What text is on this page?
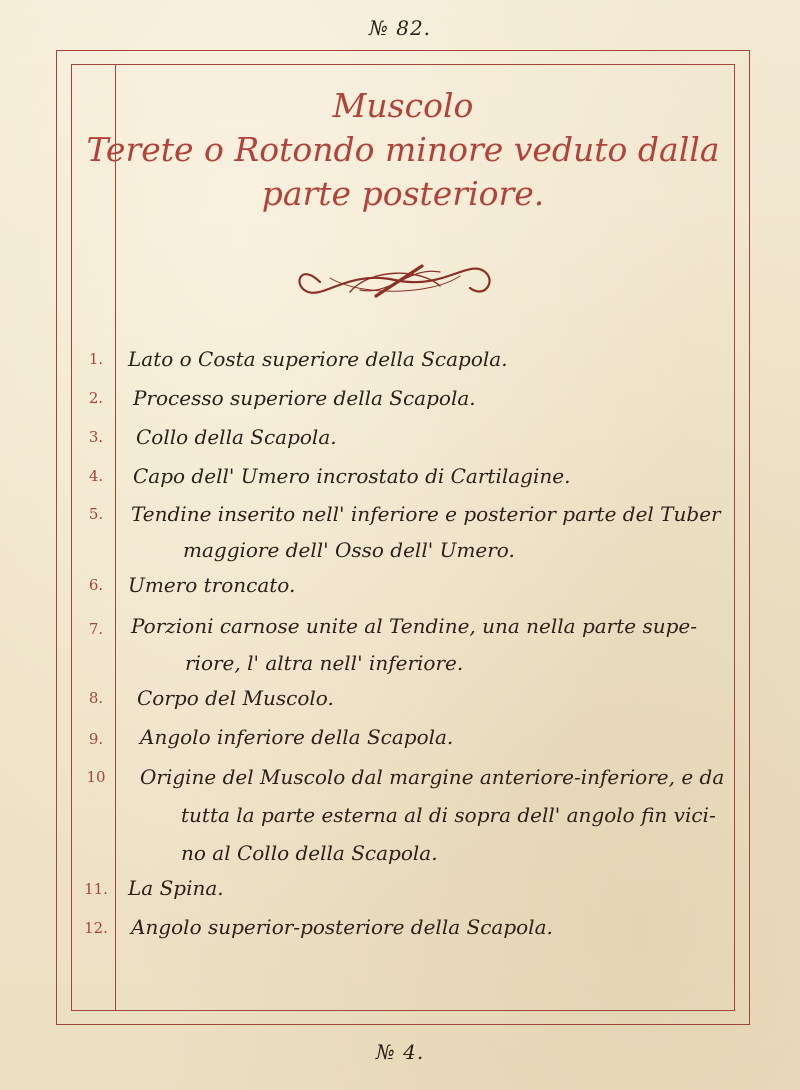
№ 82.
Muscolo
Terete o Rotondo minore veduto dalla
parte posteriore.
1.	Lato o Costa superiore della Scapola.
2.	Processo superiore della Scapola.
3.	Collo della Scapola.
4.	Capo dell' Umero incrostato di Cartilagine.
5.	Tendine inserito nell' inferiore e posterior parte del Tuber
maggiore dell' Osso dell' Umero.
6.	Umero troncato.
7.	Porzioni carnose unite al Tendine, una nella parte supe-
riore, l' altra nell' inferiore.
8.	Corpo del Muscolo.
9.	Angolo inferiore della Scapola.
10	Origine del Muscolo dal margine anteriore-inferiore, e da
tutta la parte esterna al di sopra dell' angolo fin vici-
no al Collo della Scapola.
11.	La Spina.
12.	Angolo superior-posteriore della Scapola.
№ 4.
